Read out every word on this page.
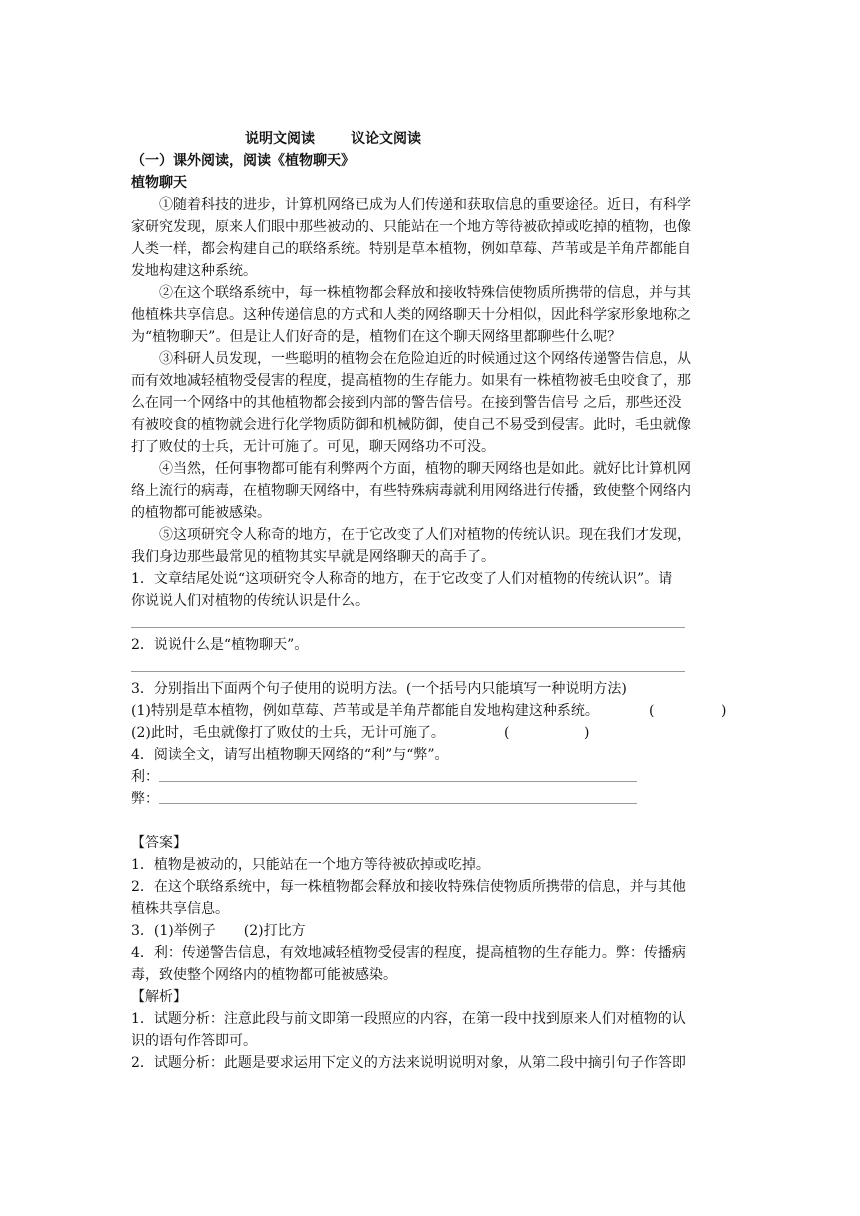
说明文阅读	议论文阅读
（一）课外阅读，阅读《植物聊天》
植物聊天
①随着科技的进步，计算机网络已成为人们传递和获取信息的重要途径。近日，有科学
家研究发现，原来人们眼中那些被动的、只能站在一个地方等待被砍掉或吃掉的植物，也像
人类一样，都会构建自己的联络系统。特别是草本植物，例如草莓、芦苇或是羊角芹都能自
发地构建这种系统。
②在这个联络系统中，每一株植物都会释放和接收特殊信使物质所携带的信息，并与其
他植株共享信息。这种传递信息的方式和人类的网络聊天十分相似，因此科学家形象地称之
为“植物聊天”。但是让人们好奇的是，植物们在这个聊天网络里都聊些什么呢？
③科研人员发现，一些聪明的植物会在危险迫近的时候通过这个网络传递警告信息，从
而有效地减轻植物受侵害的程度，提高植物的生存能力。如果有一株植物被毛虫咬食了，那
么在同一个网络中的其他植物都会接到内部的警告信号。在接到警告信号 之后，那些还没
有被咬食的植物就会进行化学物质防御和机械防御，使自己不易受到侵害。此时，毛虫就像
打了败仗的士兵，无计可施了。可见，聊天网络功不可没。
④当然，任何事物都可能有利弊两个方面，植物的聊天网络也是如此。就好比计算机网
络上流行的病毒，在植物聊天网络中，有些特殊病毒就利用网络进行传播，致使整个网络内
的植物都可能被感染。
⑤这项研究令人称奇的地方，在于它改变了人们对植物的传统认识。现在我们才发现，
我们身边那些最常见的植物其实早就是网络聊天的高手了。
1．文章结尾处说“这项研究令人称奇的地方，在于它改变了人们对植物的传统认识”。请
你说说人们对植物的传统认识是什么。
2．说说什么是“植物聊天”。
3．分别指出下面两个句子使用的说明方法。(一个括号内只能填写一种说明方法)
(1)特别是草本植物，例如草莓、芦苇或是羊角芹都能自发地构建这种系统。	(	)
(2)此时，毛虫就像打了败仗的士兵，无计可施了。	(	)
4．阅读全文，请写出植物聊天网络的“利”与“弊”。
利：
弊：
【答案】
1．植物是被动的，只能站在一个地方等待被砍掉或吃掉。
2．在这个联络系统中，每一株植物都会释放和接收特殊信使物质所携带的信息，并与其他
植株共享信息。
3．(1)举例子　　(2)打比方
4．利：传递警告信息，有效地减轻植物受侵害的程度，提高植物的生存能力。弊：传播病
毒，致使整个网络内的植物都可能被感染。
【解析】
1．试题分析：注意此段与前文即第一段照应的内容，在第一段中找到原来人们对植物的认
识的语句作答即可。
2．试题分析：此题是要求运用下定义的方法来说明说明对象，从第二段中摘引句子作答即
